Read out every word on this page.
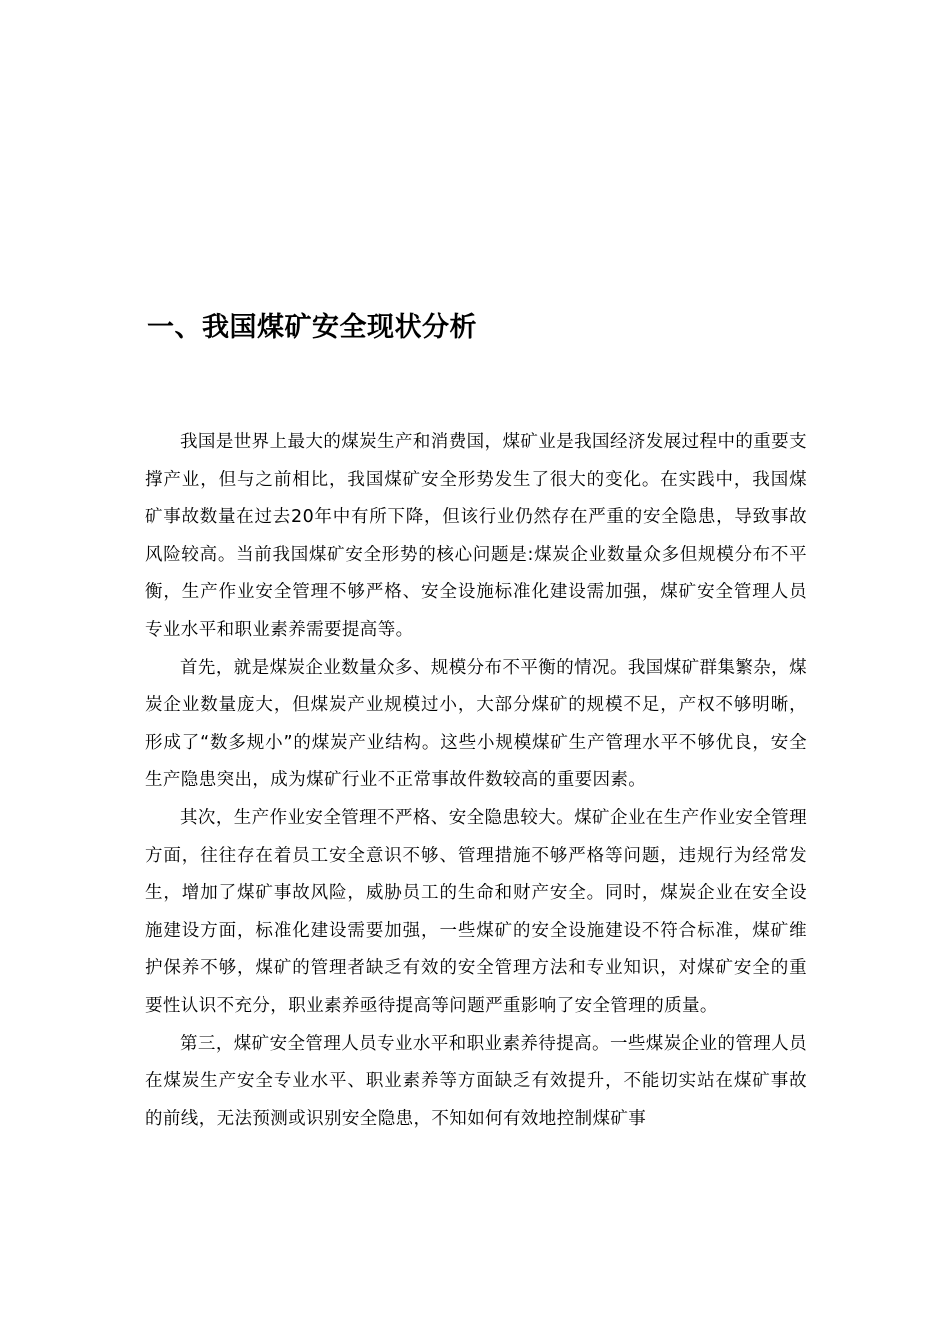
一、我国煤矿安全现状分析

我国是世界上最大的煤炭生产和消费国，煤矿业是我国经济发展过程中的重要支撑产业，但与之前相比，我国煤矿安全形势发生了很大的变化。在实践中，我国煤矿事故数量在过去20年中有所下降，但该行业仍然存在严重的安全隐患，导致事故风险较高。当前我国煤矿安全形势的核心问题是:煤炭企业数量众多但规模分布不平衡，生产作业安全管理不够严格、安全设施标准化建设需加强，煤矿安全管理人员专业水平和职业素养需要提高等。

首先，就是煤炭企业数量众多、规模分布不平衡的情况。我国煤矿群集繁杂，煤炭企业数量庞大，但煤炭产业规模过小，大部分煤矿的规模不足，产权不够明晰，形成了“数多规小”的煤炭产业结构。这些小规模煤矿生产管理水平不够优良，安全生产隐患突出，成为煤矿行业不正常事故件数较高的重要因素。

其次，生产作业安全管理不严格、安全隐患较大。煤矿企业在生产作业安全管理方面，往往存在着员工安全意识不够、管理措施不够严格等问题，违规行为经常发生，增加了煤矿事故风险，威胁员工的生命和财产安全。同时，煤炭企业在安全设施建设方面，标准化建设需要加强，一些煤矿的安全设施建设不符合标准，煤矿维护保养不够，煤矿的管理者缺乏有效的安全管理方法和专业知识，对煤矿安全的重要性认识不充分，职业素养亟待提高等问题严重影响了安全管理的质量。

第三，煤矿安全管理人员专业水平和职业素养待提高。一些煤炭企业的管理人员在煤炭生产安全专业水平、职业素养等方面缺乏有效提升，不能切实站在煤矿事故的前线，无法预测或识别安全隐患，不知如何有效地控制煤矿事
